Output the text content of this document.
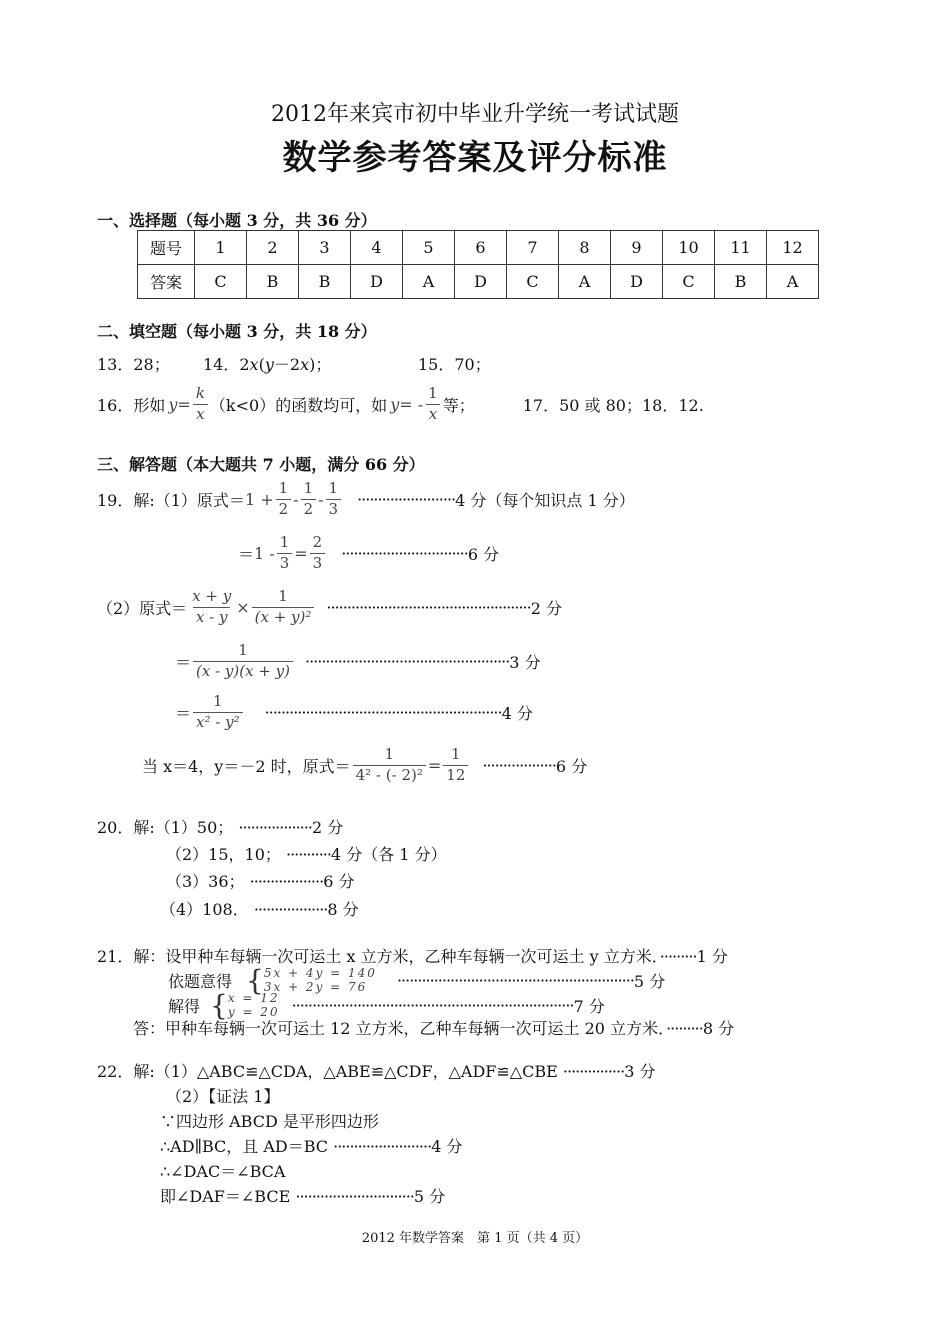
2012年来宾市初中毕业升学统一考试试题
数学参考答案及评分标准
一、选择题（每小题 3 分，共 36 分）
题号	1	2	3	4	5	6	7	8	9	10	11	12
答案	C	B	B	D	A	D	C	A	D	C	B	A
二、填空题（每小题 3 分，共 18 分）
13．28； 14．2x(y－2x)；	15．70；
16．形如 $y = \frac{k}{x} (k<0)$的函数均可，如 y = - $\frac{1}{x}$ 等；	17．50 或 80；18．12.
三、解答题（本大题共 7 小题，满分 66 分）
19．解:（1）原式＝ $1 + \frac{1}{2} - \frac{1}{2} - \frac{1}{3}$ ························ 4 分（每个知识点 1 分）
＝ $1 - \frac{1}{3} = \frac{2}{3}$ ······························· 6 分
（2）原式＝ $\frac{x + y}{x - y} \times \frac{1}{\text{(x + y)²}}$ ·················································· 2 分
＝ $\frac{1}{(x - y)(x + y)}$ ·················································· 3 分
＝ $\frac{1}{\text{x² - y²}}$ ·························································· 4 分
当 x＝4，y＝－2 时，原式＝ $\frac{1}{\text{4² - (- 2)²}} = \frac{1}{12}$ ·················· 6 分
20．解:（1）50； ··················2 分
（2）15，10； ···········4 分（各 1 分）
（3）36； ··················6 分
（4）108． ··················8 分
21．解：设甲种车每辆一次可运土 x 立方米，乙种车每辆一次可运土 y 立方米．·········1 分
依题意得 { 5x + 4y = 140
3x + 2y = 76	·························································· 5 分
解得 { x = 12
y = 20 ····································································· 7 分
答：甲种车每辆一次可运土 12 立方米，乙种车每辆一次可运土 20 立方米．·········8 分
22．解:（1）△ABC≌△CDA，△ABE≌△CDF，△ADF≌△CBE ···············3 分
（2）【证法 1】
∵四边形 ABCD 是平形四边形
∴AD∥BC，且 AD＝BC ························4 分
∴∠DAC＝∠BCA
即∠DAF＝∠BCE ·····························5 分
2012 年数学答案　第 1 页（共 4 页）
